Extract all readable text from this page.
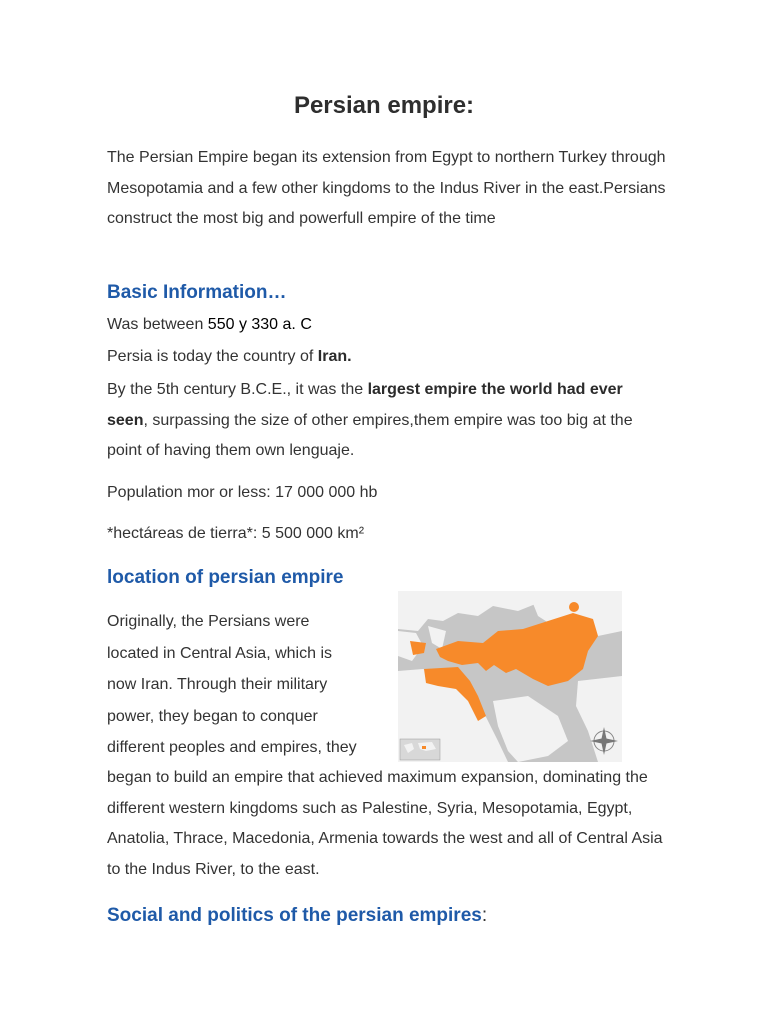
Persian empire:

The Persian Empire began its extension from Egypt to northern Turkey through Mesopotamia and a few other kingdoms to the Indus River in the east.Persians construct the most big and powerfull empire of the time

Basic Information…

Was between 550 y 330 a. C

Persia is today the country of Iran.

By the 5th century B.C.E., it was the largest empire the world had ever seen, surpassing the size of other empires,them empire was too big at the point of having them own lenguaje.

Population mor or less: 17 000 000 hb

*hectáreas de tierra*: 5 500 000 km²

location of persian empire
Originally, the Persians were
located in Central Asia, which is
now Iran. Through their military
power, they began to conquer
different peoples and empires, they

began to build an empire that achieved maximum expansion, dominating the different western kingdoms such as Palestine, Syria, Mesopotamia, Egypt, Anatolia, Thrace, Macedonia, Armenia towards the west and all of Central Asia to the Indus River, to the east.

Social and politics of the persian empires:
